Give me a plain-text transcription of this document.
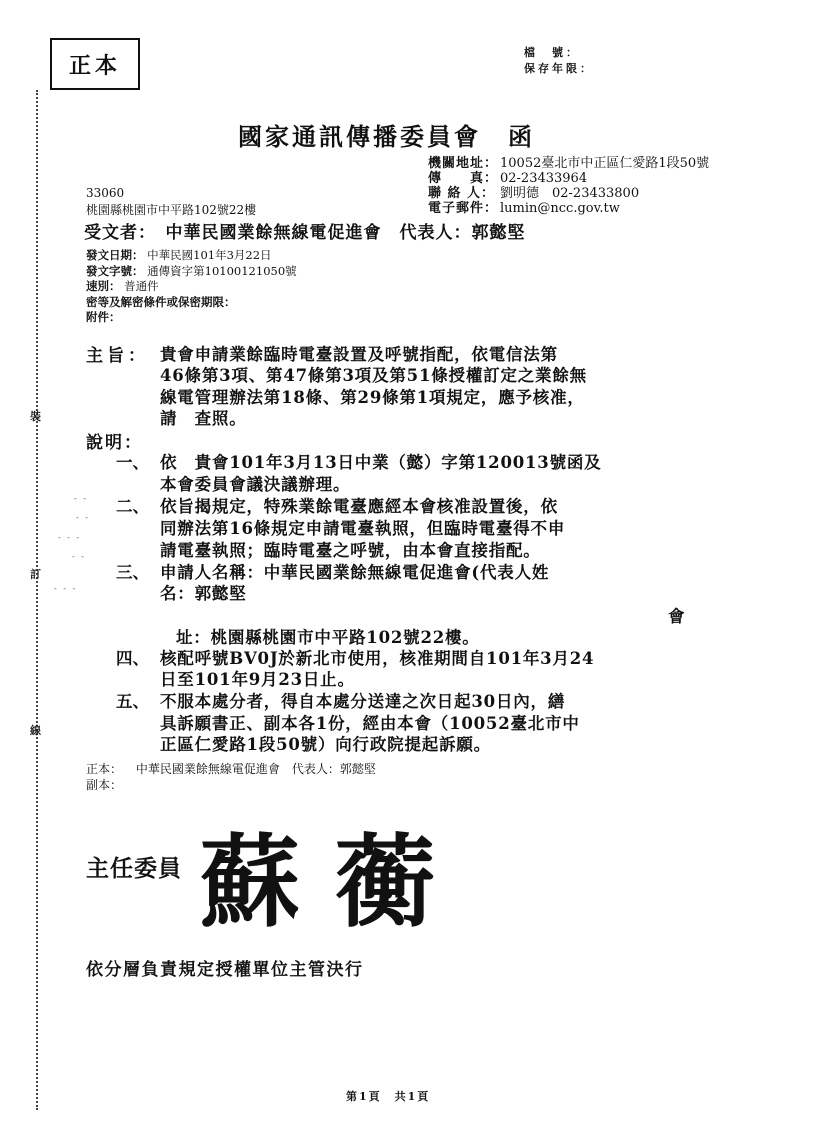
裝
訂
線
- -
- -
- - -
- -
- - -
正本	檔　號：
保存年限：
國家通訊傳播委員會　函
機關地址： 10052臺北市中正區仁愛路1段50號
傳　　真： 02-23433964
聯 絡 人： 劉明德　02-23433800
電子郵件： lumin@ncc.gov.tw
33060
桃園縣桃園市中平路102號22樓
受文者：　中華民國業餘無線電促進會　代表人：郭懿堅
發文日期： 中華民國101年3月22日
發文字號： 通傳資字第10100121050號
速別： 普通件
密等及解密條件或保密期限：
附件：
主旨： 貴會申請業餘臨時電臺設置及呼號指配，依電信法第
46條第3項、第47條第3項及第51條授權訂定之業餘無
線電管理辦法第18條、第29條第1項規定，應予核准，
請　查照。
說明：
一、 依　貴會101年3月13日中業（懿）字第120013號函及
本會委員會議決議辦理。
二、 依旨揭規定，特殊業餘電臺應經本會核准設置後，依
同辦法第16條規定申請電臺執照，但臨時電臺得不申
請電臺執照；臨時電臺之呼號，由本會直接指配。
三、 申請人名稱：中華民國業餘無線電促進會(代表人姓
名：郭懿堅
會
址：桃園縣桃園市中平路102號22樓。
四、 核配呼號BV0J於新北市使用，核准期間自101年3月24
日至101年9月23日止。
五、 不服本處分者，得自本處分送達之次日起30日內，繕
具訴願書正、副本各1份，經由本會（10052臺北市中
正區仁愛路1段50號）向行政院提起訴願。
正本： 中華民國業餘無線電促進會　代表人：郭懿堅
副本：
主任委員 蘇 蘅
依分層負責規定授權單位主管決行
第1頁　共1頁
